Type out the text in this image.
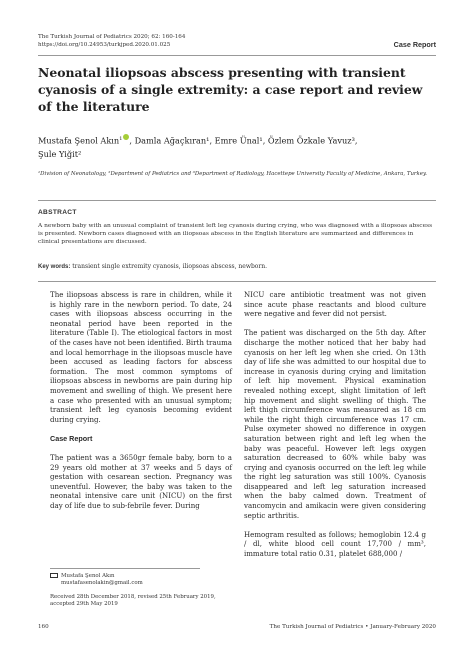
The Turkish Journal of Pediatrics 2020; 62: 160-164
https://doi.org/10.24953/turkjped.2020.01.025	Case Report
Neonatal iliopsoas abscess presenting with transient cyanosis of a single extremity: a case report and review of the literature
Mustafa Şenol Akın$^1$ , Damla Ağaçkıran¹, Emre Ünal¹, Özlem Özkale Yavuz³,
Şule Yiğit²
¹Division of Neonatology, ²Department of Pediatrics and ³Department of Radiology, Hacettepe University Faculty of Medicine, Ankara, Turkey.
ABSTRACT

A newborn baby with an unusual complaint of transient left leg cyanosis during crying, who was diagnosed with a iliopsoas abscess is presented. Newborn cases diagnosed with an iliopsoas abscess in the English literature are summarized and differences in clinical presentations are discussed.

Key words: transient single extremity cyanosis, iliopsoas abscess, newborn.

The iliopsoas abscess is rare in children, while it is highly rare in the newborn period. To date, 24 cases with iliopsoas abscess occurring in the neonatal period have been reported in the literature (Table I). The etiological factors in most of the cases have not been identified. Birth trauma and local hemorrhage in the iliopsoas muscle have been accused as leading factors for abscess formation. The most common symptoms of iliopsoas abscess in newborns are pain during hip movement and swelling of thigh. We present here a case who presented with an unusual symptom; transient left leg cyanosis becoming evident during crying.

Case Report

The patient was a 3650gr female baby, born to a 29 years old mother at 37 weeks and 5 days of gestation with cesarean section. Pregnancy was uneventful. However, the baby was taken to the neonatal intensive care unit (NICU) on the first day of life due to sub-febrile fever. During

Mustafa Şenol Akın
mustafasenolakin@gmail.com
Received 28th December 2018, revised 25th February 2019,
accepted 29th May 2019

NICU care antibiotic treatment was not given since acute phase reactants and blood culture were negative and fever did not persist.

The patient was discharged on the 5th day. After discharge the mother noticed that her baby had cyanosis on her left leg when she cried. On 13th day of life she was admitted to our hospital due to increase in cyanosis during crying and limitation of left hip movement. Physical examination revealed nothing except, slight limitation of left hip movement and slight swelling of thigh. The left thigh circumference was measured as 18 cm while the right thigh circumference was 17 cm. Pulse oxymeter showed no difference in oxygen saturation between right and left leg when the baby was peaceful. However left legs oxygen saturation decreased to 60% while baby was crying and cyanosis occurred on the left leg while the right leg saturation was still 100%. Cyanosis disappeared and left leg saturation increased when the baby calmed down. Treatment of vancomycin and amikacin were given considering septic arthritis.

Hemogram resulted as follows; hemoglobin 12.4 g / dl, white blood cell count 17,700 / mm³, immature total ratio 0.31, platelet 688,000 /

160	The Turkish Journal of Pediatrics • January-February 2020
